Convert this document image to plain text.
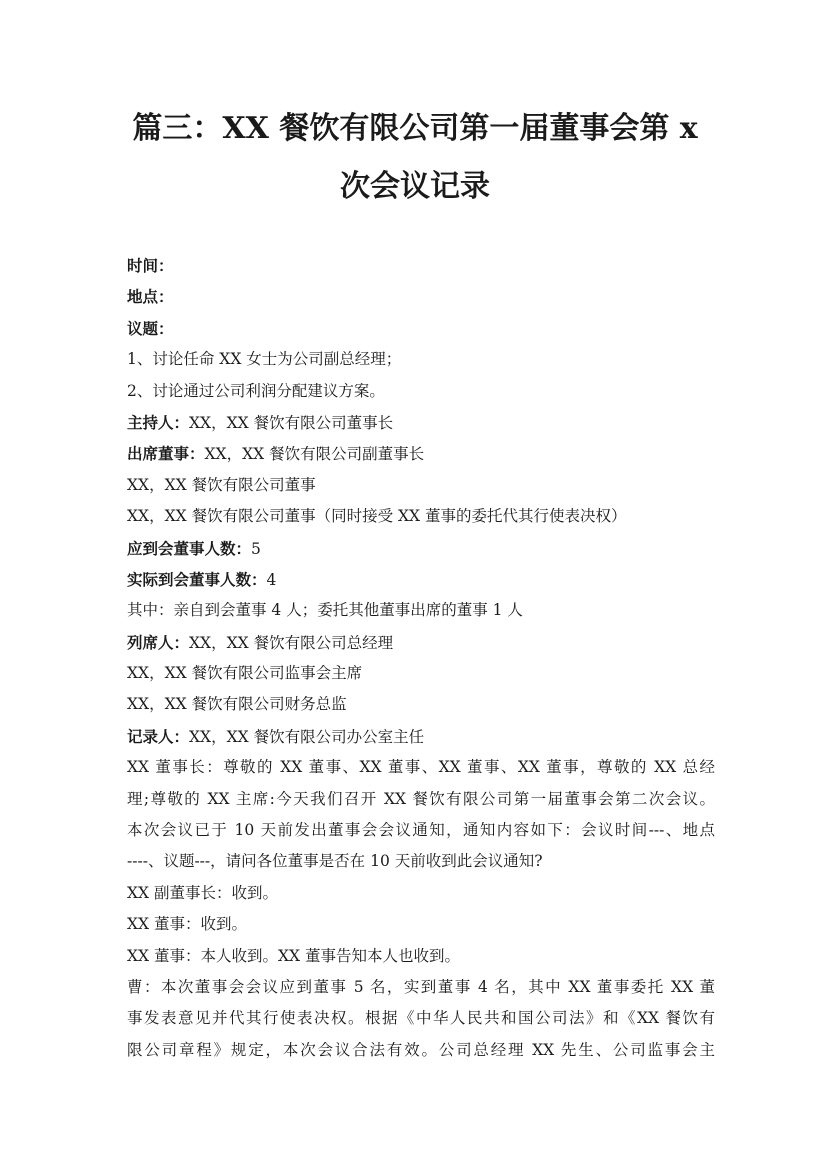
篇三：XX 餐饮有限公司第一届董事会第 x
次会议记录
时间：
地点：
议题：
1、讨论任命 XX 女士为公司副总经理；
2、讨论通过公司利润分配建议方案。
主持人：XX，XX 餐饮有限公司董事长
出席董事：XX，XX 餐饮有限公司副董事长
XX，XX 餐饮有限公司董事
XX，XX 餐饮有限公司董事（同时接受 XX 董事的委托代其行使表决权）
应到会董事人数：5
实际到会董事人数：4
其中：亲自到会董事 4 人；委托其他董事出席的董事 1 人
列席人：XX，XX 餐饮有限公司总经理
XX，XX 餐饮有限公司监事会主席
XX，XX 餐饮有限公司财务总监
记录人：XX，XX 餐饮有限公司办公室主任
XX 董事长：尊敬的 XX 董事、XX 董事、XX 董事、XX 董事，尊敬的 XX 总经
理;尊敬的 XX 主席:今天我们召开 XX 餐饮有限公司第一届董事会第二次会议。
本次会议已于 10 天前发出董事会会议通知，通知内容如下：会议时间---、地点
----、议题---，请问各位董事是否在 10 天前收到此会议通知?
XX 副董事长：收到。
XX 董事：收到。
XX 董事：本人收到。XX 董事告知本人也收到。
曹：本次董事会会议应到董事 5 名，实到董事 4 名，其中 XX 董事委托 XX 董
事发表意见并代其行使表决权。根据《中华人民共和国公司法》和《XX 餐饮有
限公司章程》规定，本次会议合法有效。公司总经理 XX 先生、公司监事会主
